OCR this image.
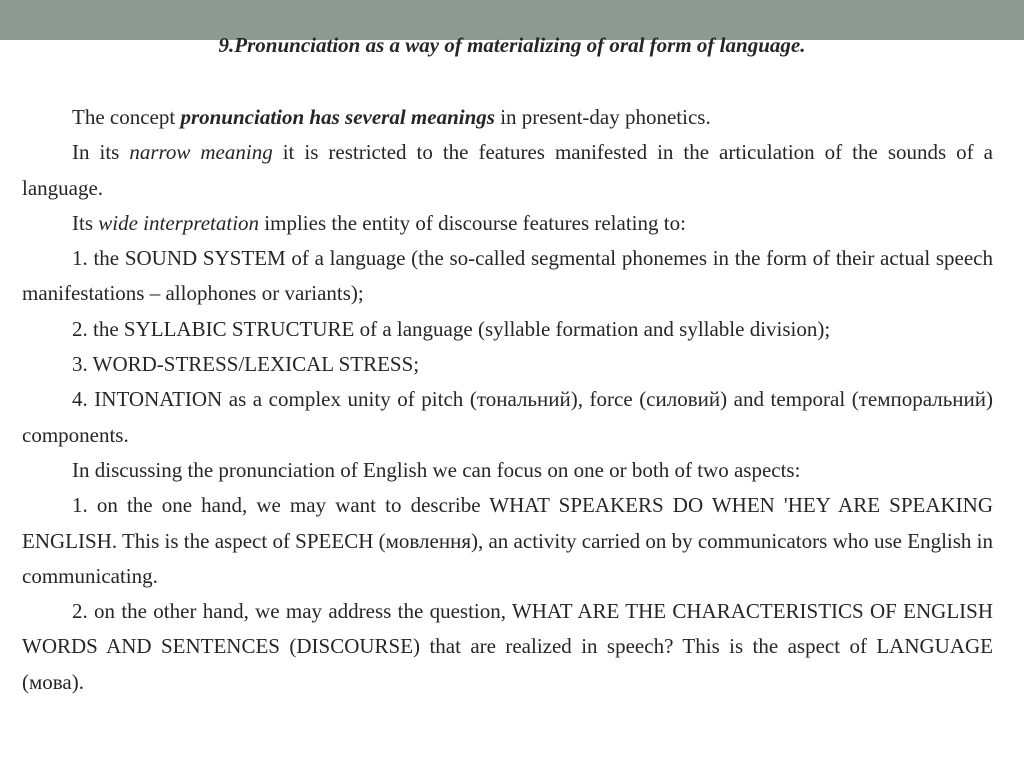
9.Pronunciation as a way of materializing of oral form of language.

The concept pronunciation has several meanings in present-day phonetics.

In its narrow meaning it is restricted to the features manifested in the articulation of the sounds of a language.

Its wide interpretation implies the entity of discourse features relating to:

1. the SOUND SYSTEM of a language (the so-called segmental phonemes in the form of their actual speech manifestations – allophones or variants);

2. the SYLLABIC STRUCTURE of a language (syllable formation and syllable division);

3. WORD-STRESS/LEXICAL STRESS;

4. INTONATION as a complex unity of pitch (тональний), force (силовий) and temporal (темпоральний) components.

In discussing the pronunciation of English we can focus on one or both of two aspects:

1. on the one hand, we may want to describe WHAT SPEAKERS DO WHEN 'HEY ARE SPEAKING ENGLISH. This is the aspect of SPEECH (мовлення), an activity carried on by communicators who use English in communicating.

2. on the other hand, we may address the question, WHAT ARE THE CHARACTERISTICS OF ENGLISH WORDS AND SENTENCES (DISCOURSE) that are realized in speech? This is the aspect of LANGUAGE (мова).
